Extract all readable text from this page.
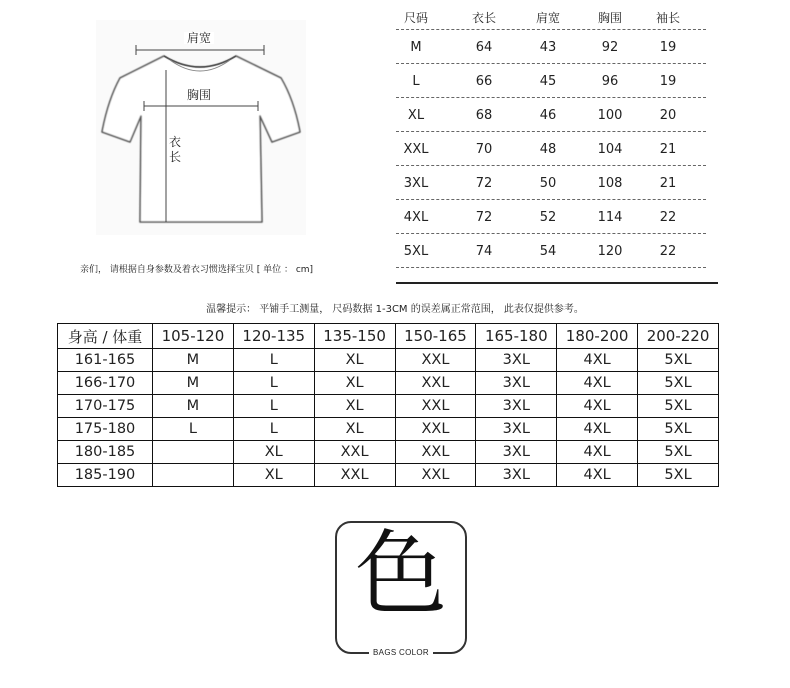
肩宽
胸围
衣长
亲们， 请根据自身参数及着衣习惯选择宝贝 [ 单位 ： cm]
尺码	衣长	肩宽	胸围	袖长
M	64	43	92	19
L	66	45	96	19
XL	68	46	100	20
XXL	70	48	104	21
3XL	72	50	108	21
4XL	72	52	114	22
5XL	74	54	120	22
温馨提示： 平铺手工测量， 尺码数据 1-3CM 的误差属正常范围， 此表仅提供参考。
身高 / 体重	105-120	120-135	135-150	150-165	165-180	180-200	200-220
161-165	M	L	XL	XXL	3XL	4XL	5XL
166-170	M	L	XL	XXL	3XL	4XL	5XL
170-175	M	L	XL	XXL	3XL	4XL	5XL
175-180	L	L	XL	XXL	3XL	4XL	5XL
180-185		XL	XXL	XXL	3XL	4XL	5XL
185-190		XL	XXL	XXL	3XL	4XL	5XL
色
BAGS COLOR
